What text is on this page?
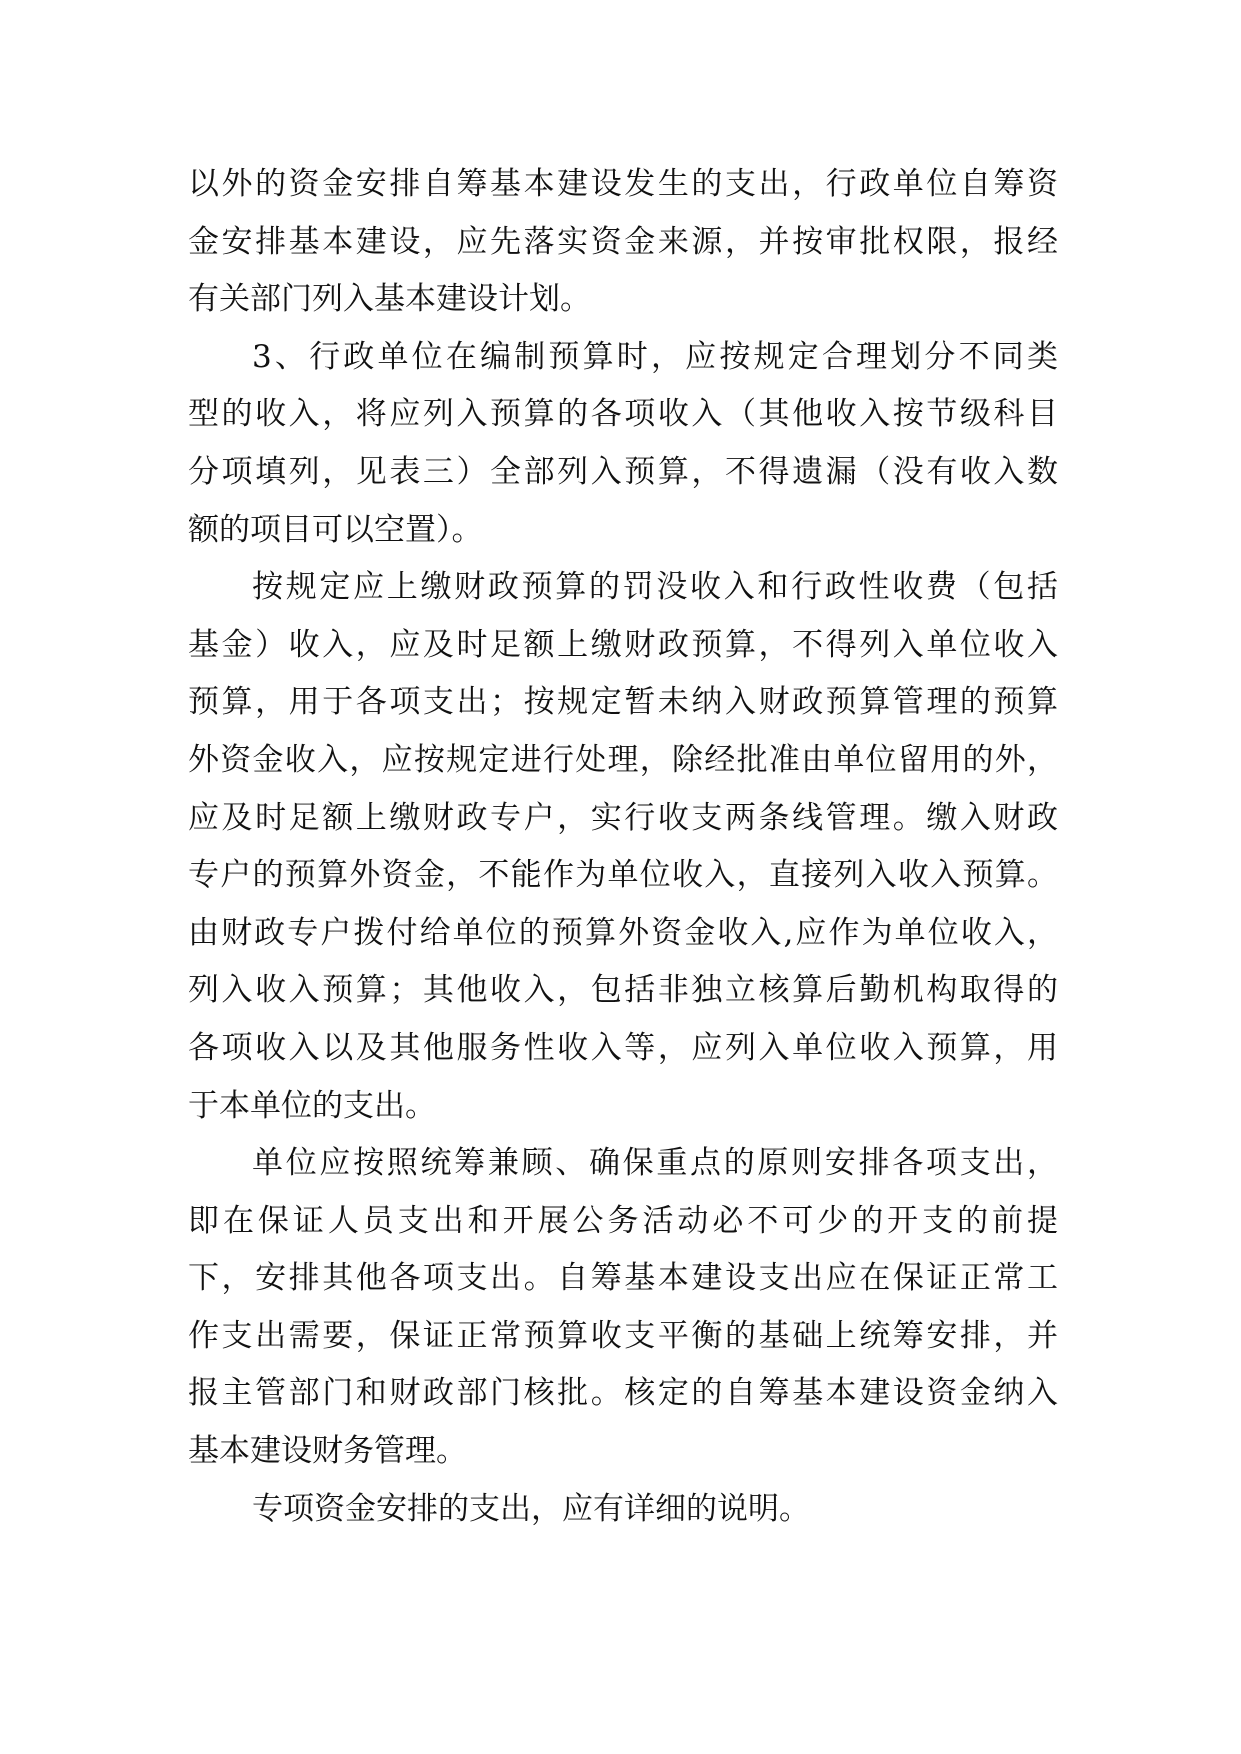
以外的资金安排自筹基本建设发生的支出，行政单位自筹资
金安排基本建设，应先落实资金来源，并按审批权限，报经
有关部门列入基本建设计划。
3、行政单位在编制预算时，应按规定合理划分不同类
型的收入，将应列入预算的各项收入（其他收入按节级科目
分项填列，见表三）全部列入预算，不得遗漏（没有收入数
额的项目可以空置）。
按规定应上缴财政预算的罚没收入和行政性收费（包括
基金）收入，应及时足额上缴财政预算，不得列入单位收入
预算，用于各项支出；按规定暂未纳入财政预算管理的预算
外资金收入，应按规定进行处理，除经批准由单位留用的外，
应及时足额上缴财政专户，实行收支两条线管理。缴入财政
专户的预算外资金，不能作为单位收入，直接列入收入预算。
由财政专户拨付给单位的预算外资金收入,应作为单位收入，
列入收入预算；其他收入，包括非独立核算后勤机构取得的
各项收入以及其他服务性收入等，应列入单位收入预算，用
于本单位的支出。
单位应按照统筹兼顾、确保重点的原则安排各项支出，
即在保证人员支出和开展公务活动必不可少的开支的前提
下，安排其他各项支出。自筹基本建设支出应在保证正常工
作支出需要，保证正常预算收支平衡的基础上统筹安排，并
报主管部门和财政部门核批。核定的自筹基本建设资金纳入
基本建设财务管理。
专项资金安排的支出，应有详细的说明。
